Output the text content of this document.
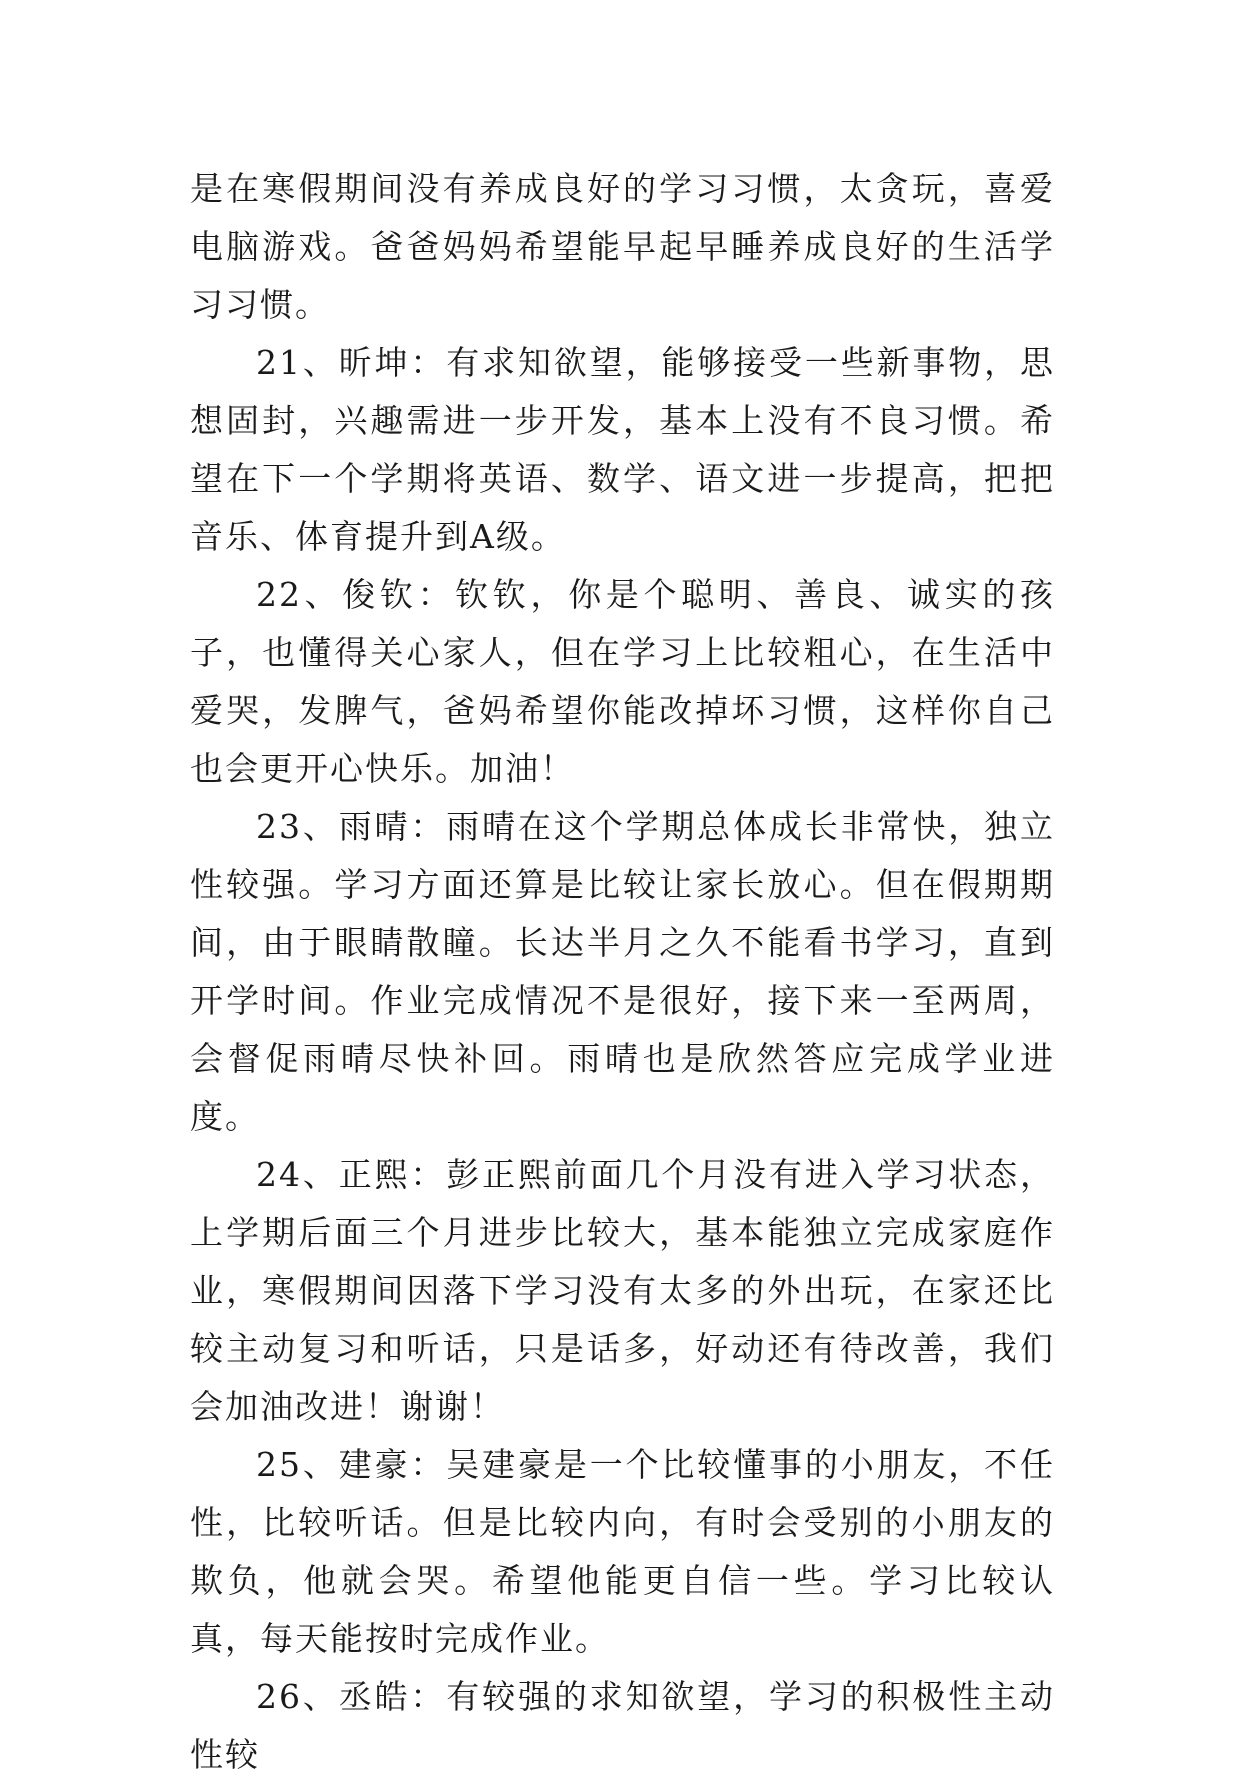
是在寒假期间没有养成良好的学习习惯，太贪玩，喜爱电脑游戏。爸爸妈妈希望能早起早睡养成良好的生活学习习惯。

21、昕坤：有求知欲望，能够接受一些新事物，思想固封，兴趣需进一步开发，基本上没有不良习惯。希望在下一个学期将英语、数学、语文进一步提高，把把音乐、体育提升到A级。

22、俊钦：钦钦，你是个聪明、善良、诚实的孩子，也懂得关心家人，但在学习上比较粗心，在生活中爱哭，发脾气，爸妈希望你能改掉坏习惯，这样你自己也会更开心快乐。加油！

23、雨晴：雨晴在这个学期总体成长非常快，独立性较强。学习方面还算是比较让家长放心。但在假期期间，由于眼睛散瞳。长达半月之久不能看书学习，直到开学时间。作业完成情况不是很好，接下来一至两周，会督促雨晴尽快补回。雨晴也是欣然答应完成学业进度。

24、正熙：彭正熙前面几个月没有进入学习状态，上学期后面三个月进步比较大，基本能独立完成家庭作业，寒假期间因落下学习没有太多的外出玩，在家还比较主动复习和听话，只是话多，好动还有待改善，我们会加油改进！谢谢！

25、建豪：吴建豪是一个比较懂事的小朋友，不任性，比较听话。但是比较内向，有时会受别的小朋友的欺负，他就会哭。希望他能更自信一些。学习比较认真，每天能按时完成作业。

26、丞皓：有较强的求知欲望，学习的积极性主动性较
